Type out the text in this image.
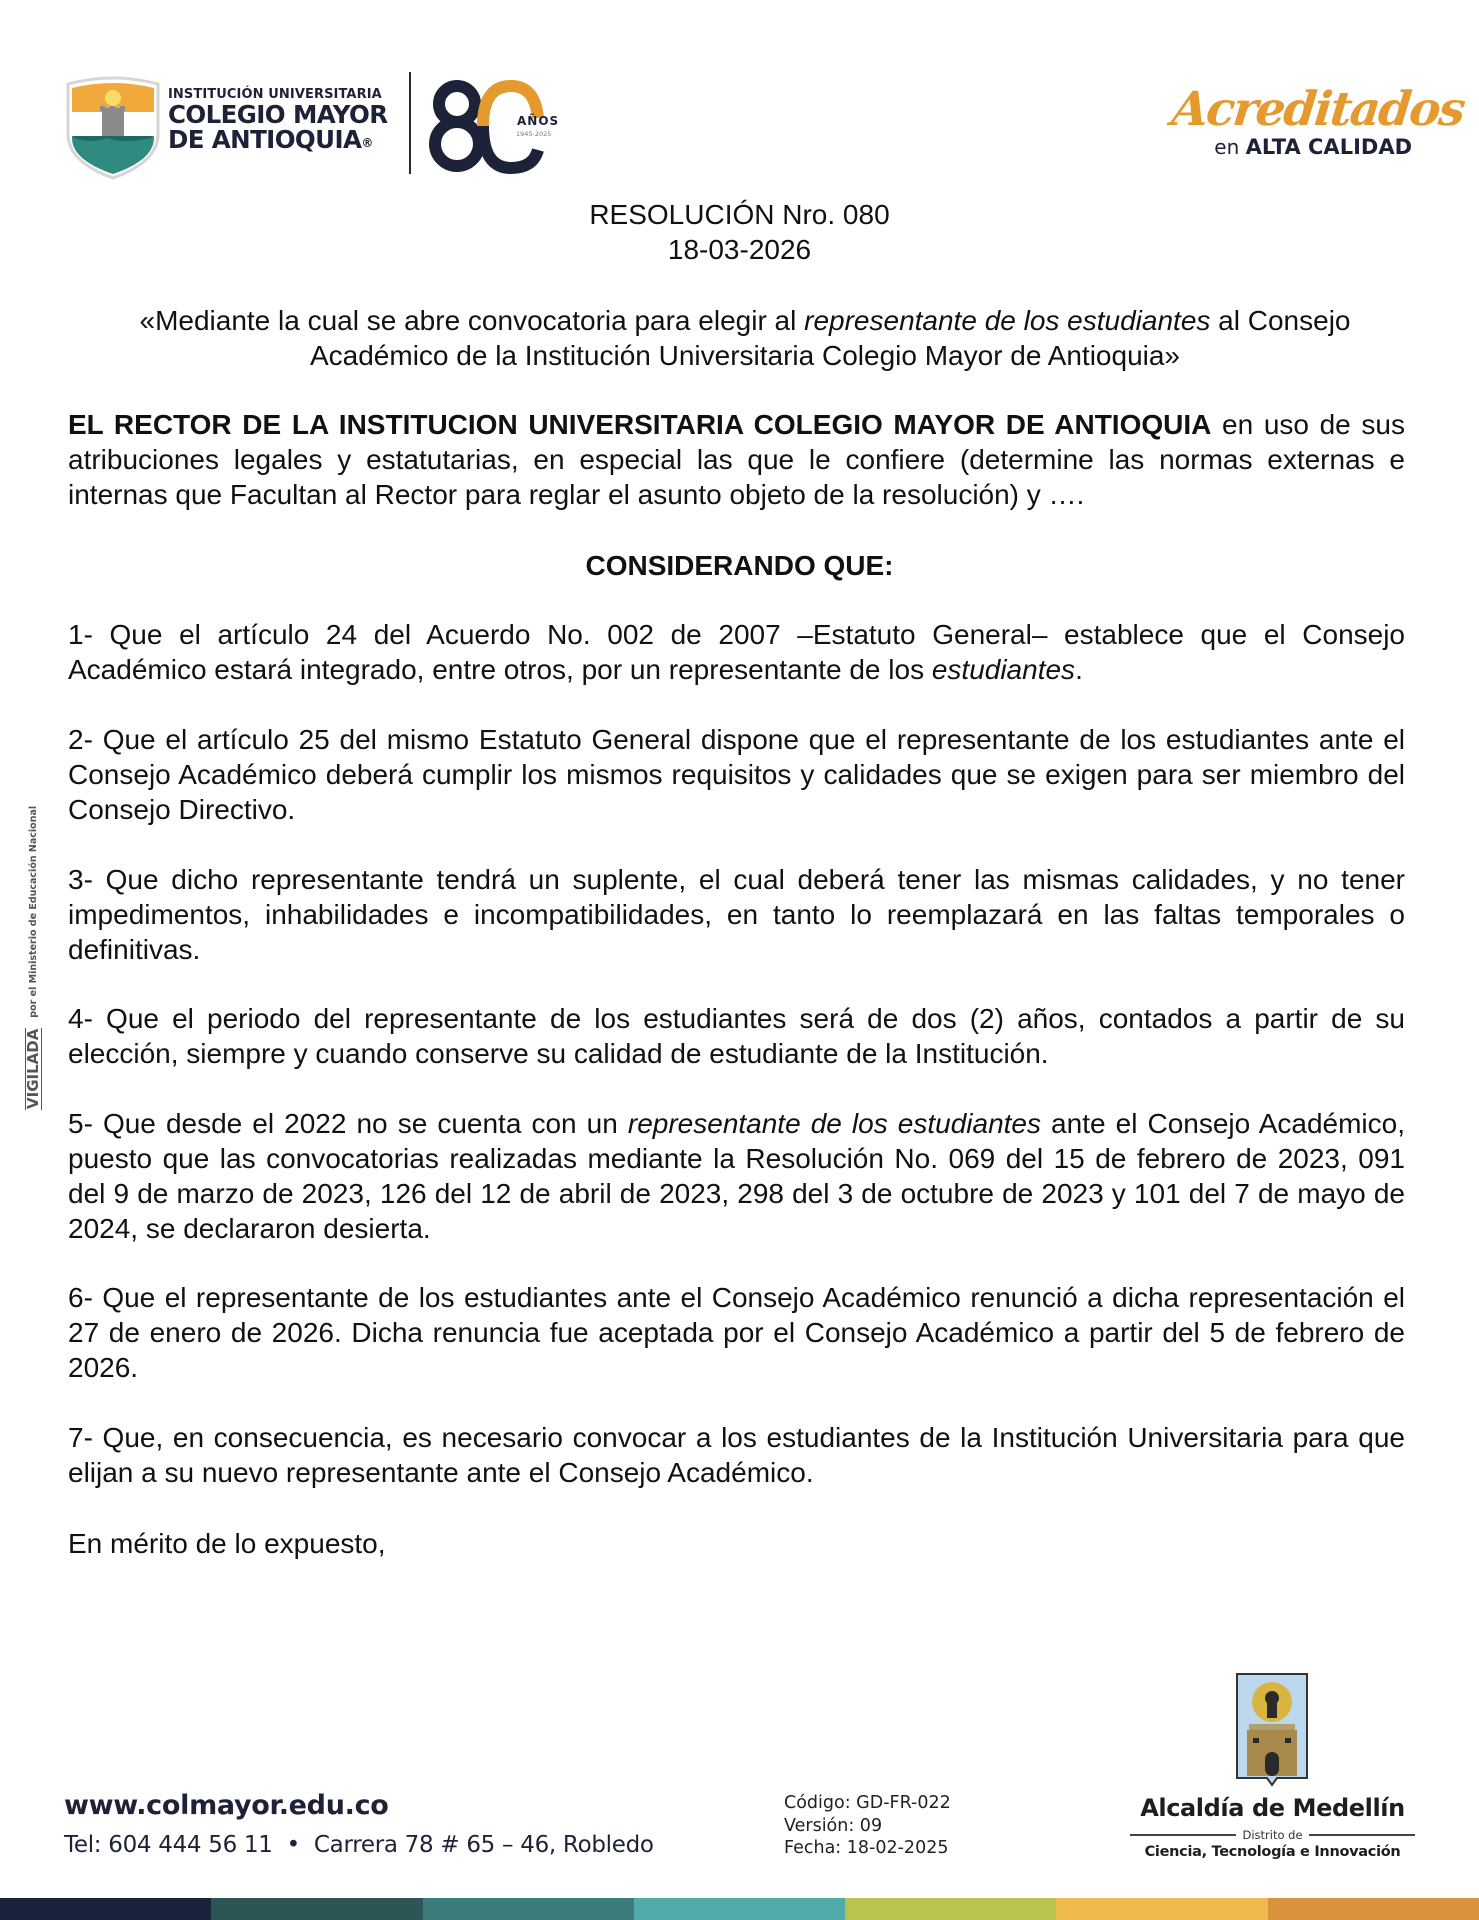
INSTITUCIÓN UNIVERSITARIA
COLEGIO MAYOR
DE ANTIOQUIA®
AÑOS
1945-2025	Acreditados
en ALTA CALIDAD
VIGILADA
por el Ministerio de Educación Nacional
RESOLUCIÓN Nro. 080
18-03-2026
«Mediante la cual se abre convocatoria para elegir al representante de los estudiantes al Consejo Académico de la Institución Universitaria Colegio Mayor de Antioquia»
EL RECTOR DE LA INSTITUCION UNIVERSITARIA COLEGIO MAYOR DE ANTIOQUIA en uso de sus atribuciones legales y estatutarias, en especial las que le confiere (determine las normas externas e internas que Facultan al Rector para reglar el asunto objeto de la resolución) y ….
CONSIDERANDO QUE:
1- Que el artículo 24 del Acuerdo No. 002 de 2007 –Estatuto General– establece que el Consejo Académico estará integrado, entre otros, por un representante de los estudiantes.
2- Que el artículo 25 del mismo Estatuto General dispone que el representante de los estudiantes ante el Consejo Académico deberá cumplir los mismos requisitos y calidades que se exigen para ser miembro del Consejo Directivo.
3- Que dicho representante tendrá un suplente, el cual deberá tener las mismas calidades, y no tener impedimentos, inhabilidades e incompatibilidades, en tanto lo reemplazará en las faltas temporales o definitivas.
4- Que el periodo del representante de los estudiantes será de dos (2) años, contados a partir de su elección, siempre y cuando conserve su calidad de estudiante de la Institución.
5- Que desde el 2022 no se cuenta con un representante de los estudiantes ante el Consejo Académico, puesto que las convocatorias realizadas mediante la Resolución No. 069 del 15 de febrero de 2023, 091 del 9 de marzo de 2023, 126 del 12 de abril de 2023, 298 del 3 de octubre de 2023 y 101 del 7 de mayo de 2024, se declararon desierta.
6- Que el representante de los estudiantes ante el Consejo Académico renunció a dicha representación el 27 de enero de 2026. Dicha renuncia fue aceptada por el Consejo Académico a partir del 5 de febrero de 2026.
7- Que, en consecuencia, es necesario convocar a los estudiantes de la Institución Universitaria para que elijan a su nuevo representante ante el Consejo Académico.
En mérito de lo expuesto,
www.colmayor.edu.co
Tel: 604 444 56 11  •  Carrera 78 # 65 – 46, Robledo
Código: GD-FR-022
Versión: 09
Fecha: 18-02-2025
Alcaldía de Medellín
Distrito de
Ciencia, Tecnología e Innovación
